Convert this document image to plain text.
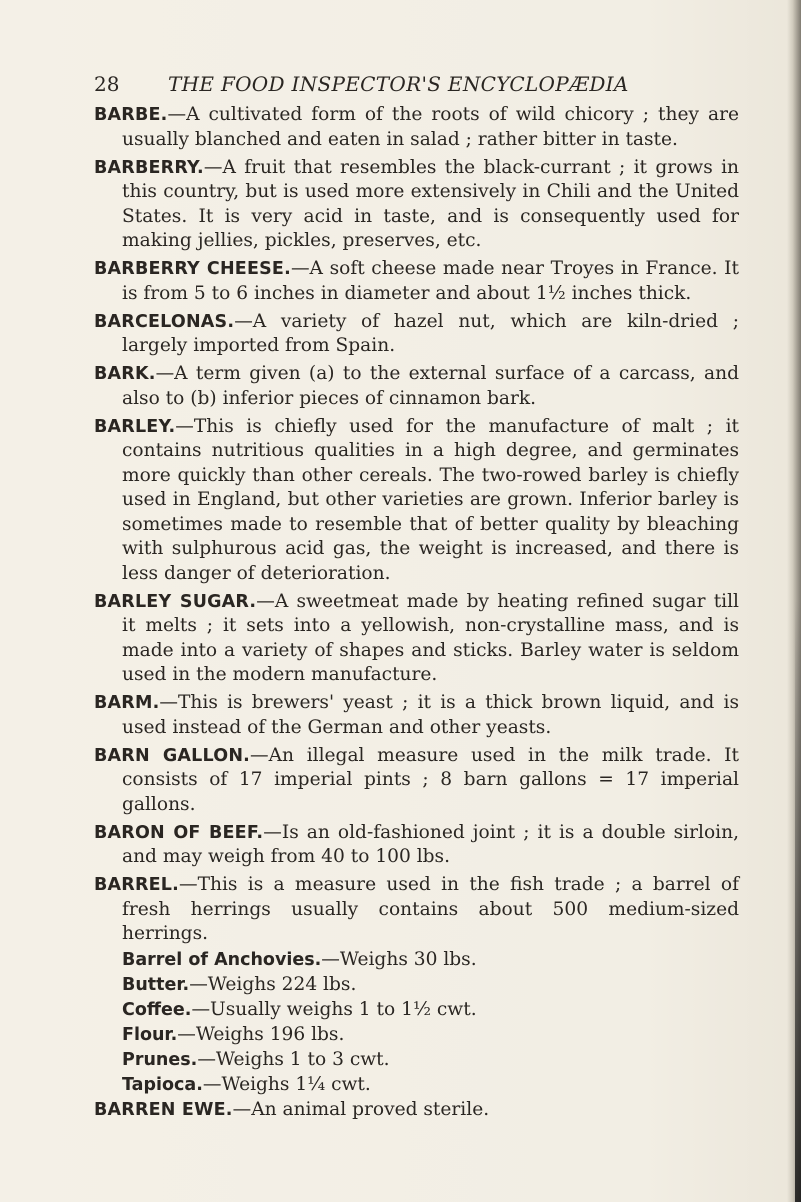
28 THE FOOD INSPECTOR'S ENCYCLOPÆDIA

BARBE.—A cultivated form of the roots of wild chicory ; they are usually blanched and eaten in salad ; rather bitter in taste.

BARBERRY.—A fruit that resembles the black-currant ; it grows in this country, but is used more extensively in Chili and the United States. It is very acid in taste, and is consequently used for making jellies, pickles, preserves, etc.

BARBERRY CHEESE.—A soft cheese made near Troyes in France. It is from 5 to 6 inches in diameter and about 1½ inches thick.

BARCELONAS.—A variety of hazel nut, which are kiln-dried ; largely imported from Spain.

BARK.—A term given (a) to the external surface of a carcass, and also to (b) inferior pieces of cinnamon bark.

BARLEY.—This is chiefly used for the manufacture of malt ; it contains nutritious qualities in a high degree, and germinates more quickly than other cereals. The two-rowed barley is chiefly used in England, but other varieties are grown. Inferior barley is sometimes made to resemble that of better quality by bleaching with sulphurous acid gas, the weight is increased, and there is less danger of deterioration.

BARLEY SUGAR.—A sweetmeat made by heating refined sugar till it melts ; it sets into a yellowish, non-crystalline mass, and is made into a variety of shapes and sticks. Barley water is seldom used in the modern manufacture.

BARM.—This is brewers' yeast ; it is a thick brown liquid, and is used instead of the German and other yeasts.

BARN GALLON.—An illegal measure used in the milk trade. It consists of 17 imperial pints ; 8 barn gallons = 17 imperial gallons.

BARON OF BEEF.—Is an old-fashioned joint ; it is a double sirloin, and may weigh from 40 to 100 lbs.

BARREL.—This is a measure used in the fish trade ; a barrel of fresh herrings usually contains about 500 medium-sized herrings.

Barrel of Anchovies.—Weighs 30 lbs.

Butter.—Weighs 224 lbs.

Coffee.—Usually weighs 1 to 1½ cwt.

Flour.—Weighs 196 lbs.

Prunes.—Weighs 1 to 3 cwt.

Tapioca.—Weighs 1¼ cwt.

BARREN EWE.—An animal proved sterile.
